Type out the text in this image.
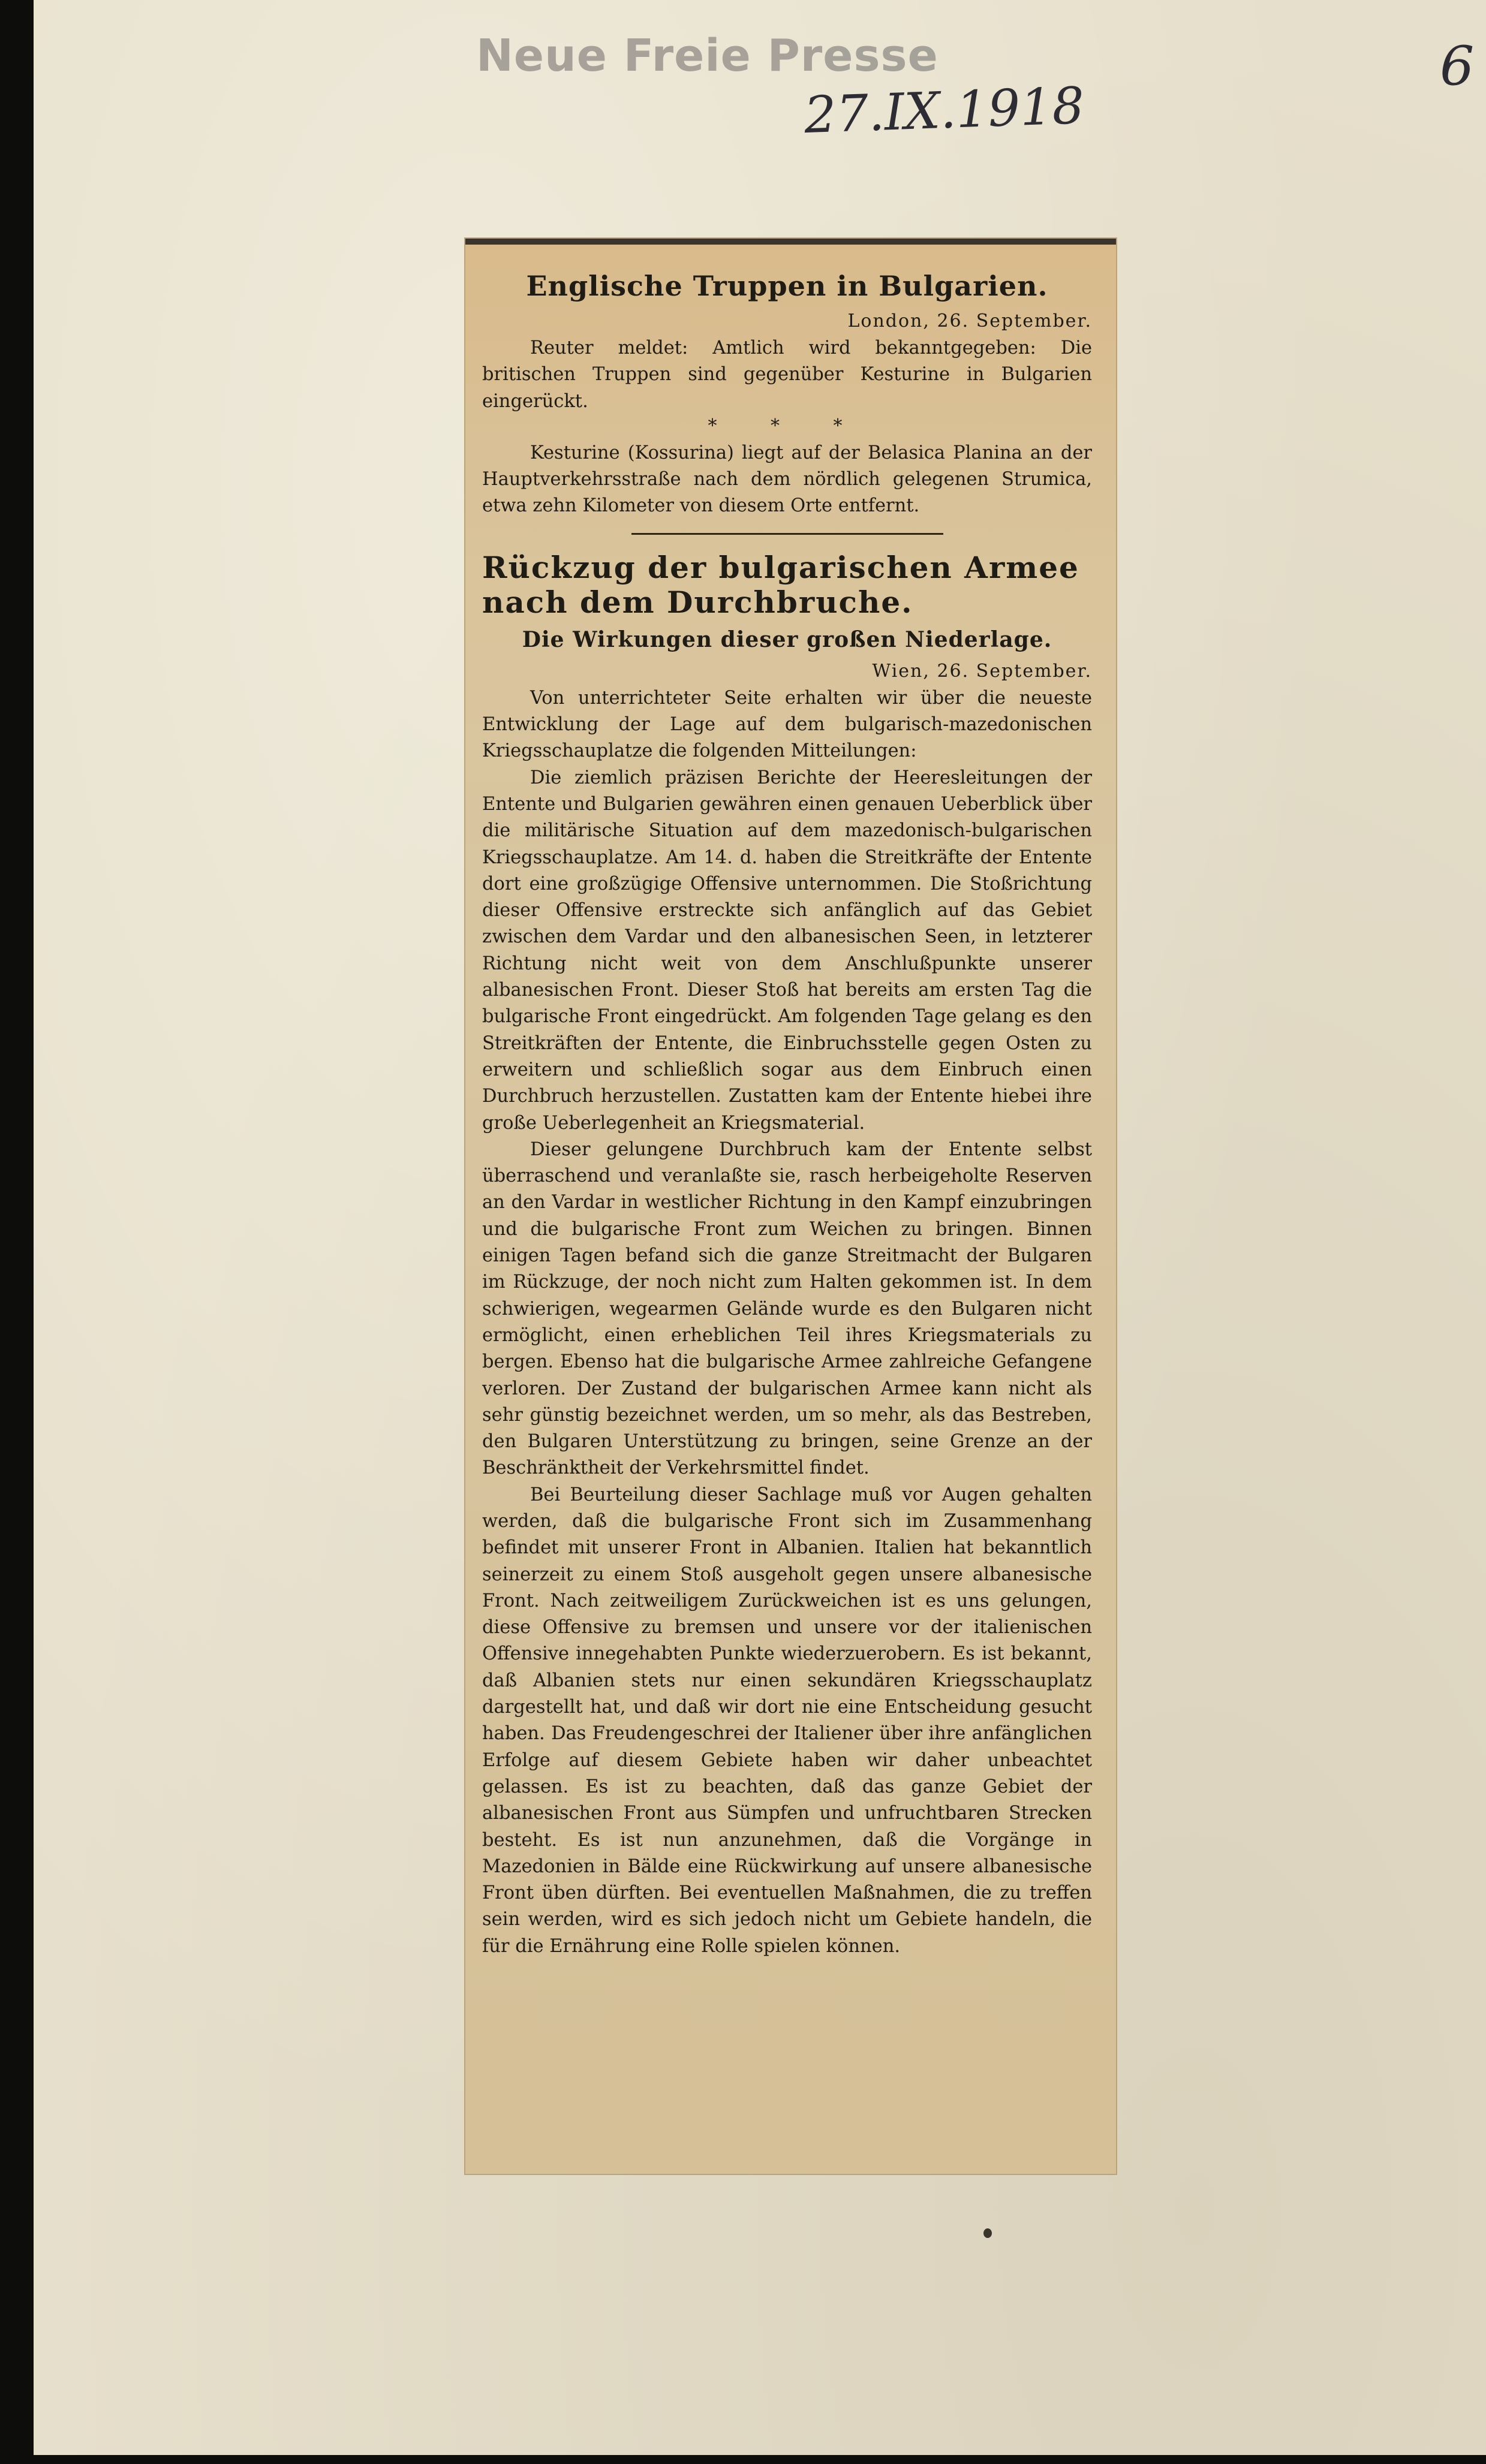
Neue Freie Presse
27.IX.1918
6
Englische Truppen in Bulgarien.
London, 26. September.

Reuter meldet: Amtlich wird bekanntgegeben: Die britischen Truppen sind gegenüber Kesturine in Bulgarien eingerückt.

* * *

Kesturine (Kossurina) liegt auf der Belasica Planina an der Hauptverkehrsstraße nach dem nördlich gelegenen Strumica, etwa zehn Kilometer von diesem Orte entfernt.

Rückzug der bulgarischen Armee nach dem Durchbruche.
Die Wirkungen dieser großen Niederlage.
Wien, 26. September.

Von unterrichteter Seite erhalten wir über die neueste Entwicklung der Lage auf dem bulgarisch-mazedonischen Kriegsschauplatze die folgenden Mitteilungen:

Die ziemlich präzisen Berichte der Heeresleitungen der Entente und Bulgarien gewähren einen genauen Ueberblick über die militärische Situation auf dem mazedonisch-bulgarischen Kriegsschauplatze. Am 14. d. haben die Streitkräfte der Entente dort eine großzügige Offensive unternommen. Die Stoßrichtung dieser Offensive erstreckte sich anfänglich auf das Gebiet zwischen dem Vardar und den albanesischen Seen, in letzterer Richtung nicht weit von dem Anschlußpunkte unserer albanesischen Front. Dieser Stoß hat bereits am ersten Tag die bulgarische Front eingedrückt. Am folgenden Tage gelang es den Streitkräften der Entente, die Einbruchsstelle gegen Osten zu erweitern und schließlich sogar aus dem Einbruch einen Durchbruch herzustellen. Zustatten kam der Entente hiebei ihre große Ueberlegenheit an Kriegsmaterial.

Dieser gelungene Durchbruch kam der Entente selbst überraschend und veranlaßte sie, rasch herbeigeholte Reserven an den Vardar in westlicher Richtung in den Kampf einzubringen und die bulgarische Front zum Weichen zu bringen. Binnen einigen Tagen befand sich die ganze Streitmacht der Bulgaren im Rückzuge, der noch nicht zum Halten gekommen ist. In dem schwierigen, wegearmen Gelände wurde es den Bulgaren nicht ermöglicht, einen erheblichen Teil ihres Kriegsmaterials zu bergen. Ebenso hat die bulgarische Armee zahlreiche Gefangene verloren. Der Zustand der bulgarischen Armee kann nicht als sehr günstig bezeichnet werden, um so mehr, als das Bestreben, den Bulgaren Unterstützung zu bringen, seine Grenze an der Beschränktheit der Verkehrsmittel findet.

Bei Beurteilung dieser Sachlage muß vor Augen gehalten werden, daß die bulgarische Front sich im Zusammenhang befindet mit unserer Front in Albanien. Italien hat bekanntlich seinerzeit zu einem Stoß ausgeholt gegen unsere albanesische Front. Nach zeitweiligem Zurückweichen ist es uns gelungen, diese Offensive zu bremsen und unsere vor der italienischen Offensive innegehabten Punkte wiederzuerobern. Es ist bekannt, daß Albanien stets nur einen sekundären Kriegsschauplatz dargestellt hat, und daß wir dort nie eine Entscheidung gesucht haben. Das Freudengeschrei der Italiener über ihre anfänglichen Erfolge auf diesem Gebiete haben wir daher unbeachtet gelassen. Es ist zu beachten, daß das ganze Gebiet der albanesischen Front aus Sümpfen und unfruchtbaren Strecken besteht. Es ist nun anzunehmen, daß die Vorgänge in Mazedonien in Bälde eine Rückwirkung auf unsere albanesische Front üben dürften. Bei eventuellen Maßnahmen, die zu treffen sein werden, wird es sich jedoch nicht um Gebiete handeln, die für die Ernährung eine Rolle spielen können.
